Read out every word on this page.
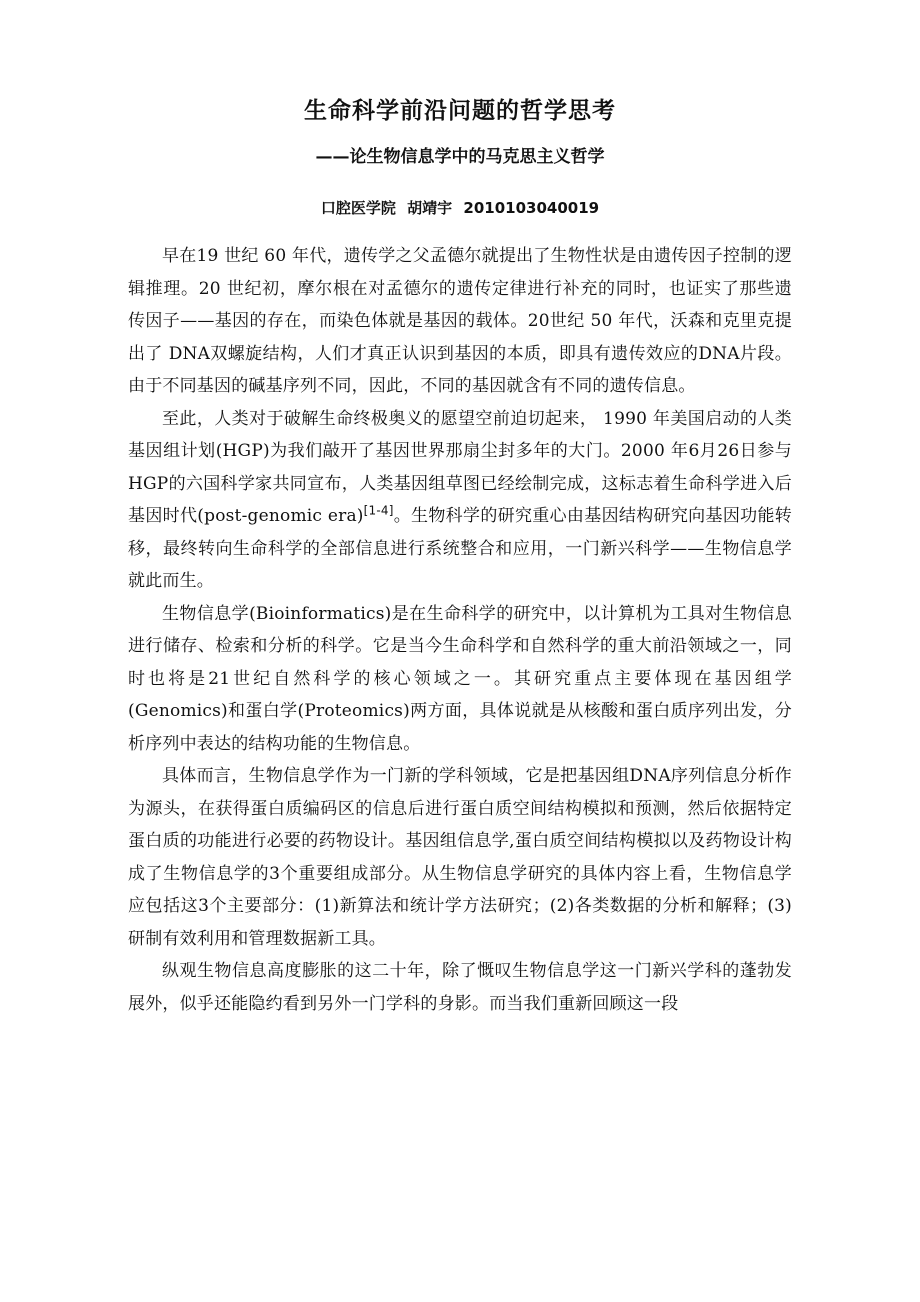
生命科学前沿问题的哲学思考
——论生物信息学中的马克思主义哲学

口腔医学院 胡靖宇 2010103040019

早在19 世纪 60 年代，遗传学之父孟德尔就提出了生物性状是由遗传因子控制的逻辑推理。20 世纪初，摩尔根在对孟德尔的遗传定律进行补充的同时，也证实了那些遗传因子——基因的存在，而染色体就是基因的载体。20世纪 50 年代，沃森和克里克提出了 DNA双螺旋结构，人们才真正认识到基因的本质，即具有遗传效应的DNA片段。由于不同基因的碱基序列不同，因此，不同的基因就含有不同的遗传信息。

至此，人类对于破解生命终极奥义的愿望空前迫切起来， 1990 年美国启动的人类基因组计划(HGP)为我们敲开了基因世界那扇尘封多年的大门。2000 年6月26日参与HGP的六国科学家共同宣布，人类基因组草图已经绘制完成，这标志着生命科学进入后基因时代(post-genomic era)[1-4]。生物科学的研究重心由基因结构研究向基因功能转移，最终转向生命科学的全部信息进行系统整合和应用，一门新兴科学——生物信息学就此而生。

生物信息学(Bioinformatics)是在生命科学的研究中，以计算机为工具对生物信息进行储存、检索和分析的科学。它是当今生命科学和自然科学的重大前沿领域之一，同时也将是21世纪自然科学的核心领域之一。其研究重点主要体现在基因组学(Genomics)和蛋白学(Proteomics)两方面，具体说就是从核酸和蛋白质序列出发，分析序列中表达的结构功能的生物信息。

具体而言，生物信息学作为一门新的学科领域，它是把基因组DNA序列信息分析作为源头，在获得蛋白质编码区的信息后进行蛋白质空间结构模拟和预测，然后依据特定蛋白质的功能进行必要的药物设计。基因组信息学,蛋白质空间结构模拟以及药物设计构成了生物信息学的3个重要组成部分。从生物信息学研究的具体内容上看，生物信息学应包括这3个主要部分：(1)新算法和统计学方法研究；(2)各类数据的分析和解释；(3)研制有效利用和管理数据新工具。

纵观生物信息高度膨胀的这二十年，除了慨叹生物信息学这一门新兴学科的蓬勃发展外，似乎还能隐约看到另外一门学科的身影。而当我们重新回顾这一段
